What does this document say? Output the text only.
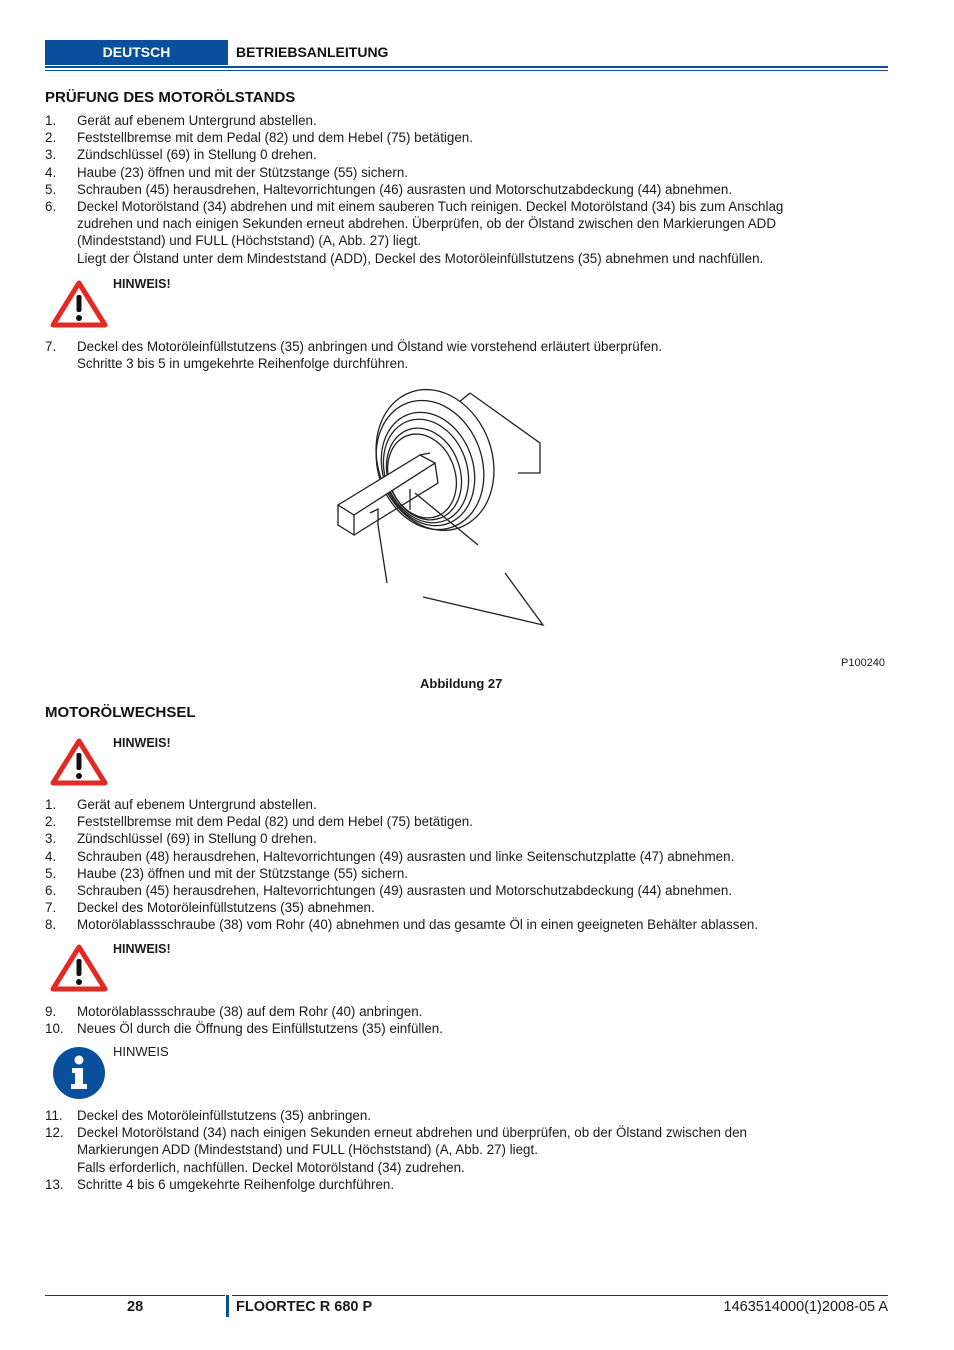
DEUTSCH	BETRIEBSANLEITUNG
PRÜFUNG DES MOTORÖLSTANDS
1. Gerät auf ebenem Untergrund abstellen.
2. Feststellbremse mit dem Pedal (82) und dem Hebel (75) betätigen.
3. Zündschlüssel (69) in Stellung 0 drehen.
4. Haube (23) öffnen und mit der Stützstange (55) sichern.
5. Schrauben (45) herausdrehen, Haltevorrichtungen (46) ausrasten und Motorschutzabdeckung (44) abnehmen.
6. Deckel Motorölstand (34) abdrehen und mit einem sauberen Tuch reinigen. Deckel Motorölstand (34) bis zum Anschlag
zudrehen und nach einigen Sekunden erneut abdrehen. Überprüfen, ob der Ölstand zwischen den Markierungen ADD
(Mindeststand) und FULL (Höchststand) (A, Abb. 27) liegt.
Liegt der Ölstand unter dem Mindeststand (ADD), Deckel des Motoröleinfüllstutzens (35) abnehmen und nachfüllen.
HINWEIS!
7. Deckel des Motoröleinfüllstutzens (35) anbringen und Ölstand wie vorstehend erläutert überprüfen.
Schritte 3 bis 5 in umgekehrte Reihenfolge durchführen.
P100240
Abbildung 27
MOTORÖLWECHSEL
HINWEIS!
1. Gerät auf ebenem Untergrund abstellen.
2. Feststellbremse mit dem Pedal (82) und dem Hebel (75) betätigen.
3. Zündschlüssel (69) in Stellung 0 drehen.
4. Schrauben (48) herausdrehen, Haltevorrichtungen (49) ausrasten und linke Seitenschutzplatte (47) abnehmen.
5. Haube (23) öffnen und mit der Stützstange (55) sichern.
6. Schrauben (45) herausdrehen, Haltevorrichtungen (49) ausrasten und Motorschutzabdeckung (44) abnehmen.
7. Deckel des Motoröleinfüllstutzens (35) abnehmen.
8. Motorölablassschraube (38) vom Rohr (40) abnehmen und das gesamte Öl in einen geeigneten Behälter ablassen.
HINWEIS!
9. Motorölablassschraube (38) auf dem Rohr (40) anbringen.
10. Neues Öl durch die Öffnung des Einfüllstutzens (35) einfüllen.
HINWEIS
11. Deckel des Motoröleinfüllstutzens (35) anbringen.
12. Deckel Motorölstand (34) nach einigen Sekunden erneut abdrehen und überprüfen, ob der Ölstand zwischen den
Markierungen ADD (Mindeststand) und FULL (Höchststand) (A, Abb. 27) liegt.
Falls erforderlich, nachfüllen. Deckel Motorölstand (34) zudrehen.
13. Schritte 4 bis 6 umgekehrte Reihenfolge durchführen.
28	FLOORTEC R 680 P	1463514000(1)2008-05 A
